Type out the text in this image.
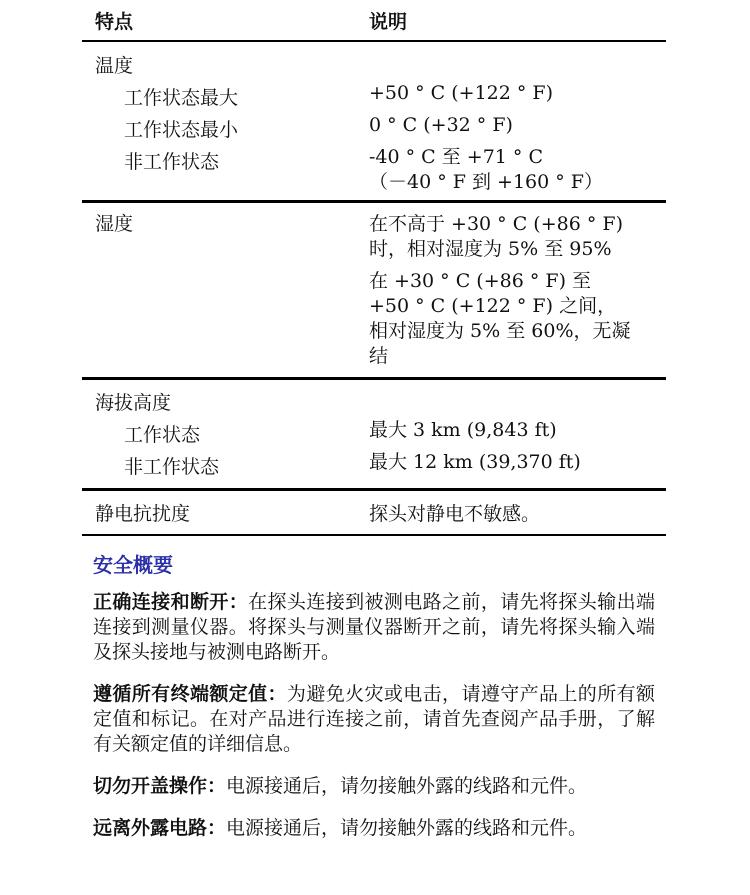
特点	说明
温度
工作状态最大	+50 ° C (+122 ° F)
工作状态最小	0 ° C (+32 ° F)
非工作状态	-40 ° C 至 +71 ° C
（－40 ° F 到 +160 ° F）
湿度	在不高于 +30 ° C (+86 ° F)
时，相对湿度为 5% 至 95%
在 +30 ° C (+86 ° F) 至
+50 ° C (+122 ° F) 之间，
相对湿度为 5% 至 60%，无凝
结
海拔高度
工作状态	最大 3 km (9,843 ft)
非工作状态	最大 12 km (39,370 ft)
静电抗扰度	探头对静电不敏感。
安全概要

正确连接和断开：在探头连接到被测电路之前，请先将探头输出端连接到测量仪器。将探头与测量仪器断开之前，请先将探头输入端及探头接地与被测电路断开。

遵循所有终端额定值：为避免火灾或电击，请遵守产品上的所有额定值和标记。在对产品进行连接之前，请首先查阅产品手册，了解有关额定值的详细信息。

切勿开盖操作：电源接通后，请勿接触外露的线路和元件。

远离外露电路：电源接通后，请勿接触外露的线路和元件。
